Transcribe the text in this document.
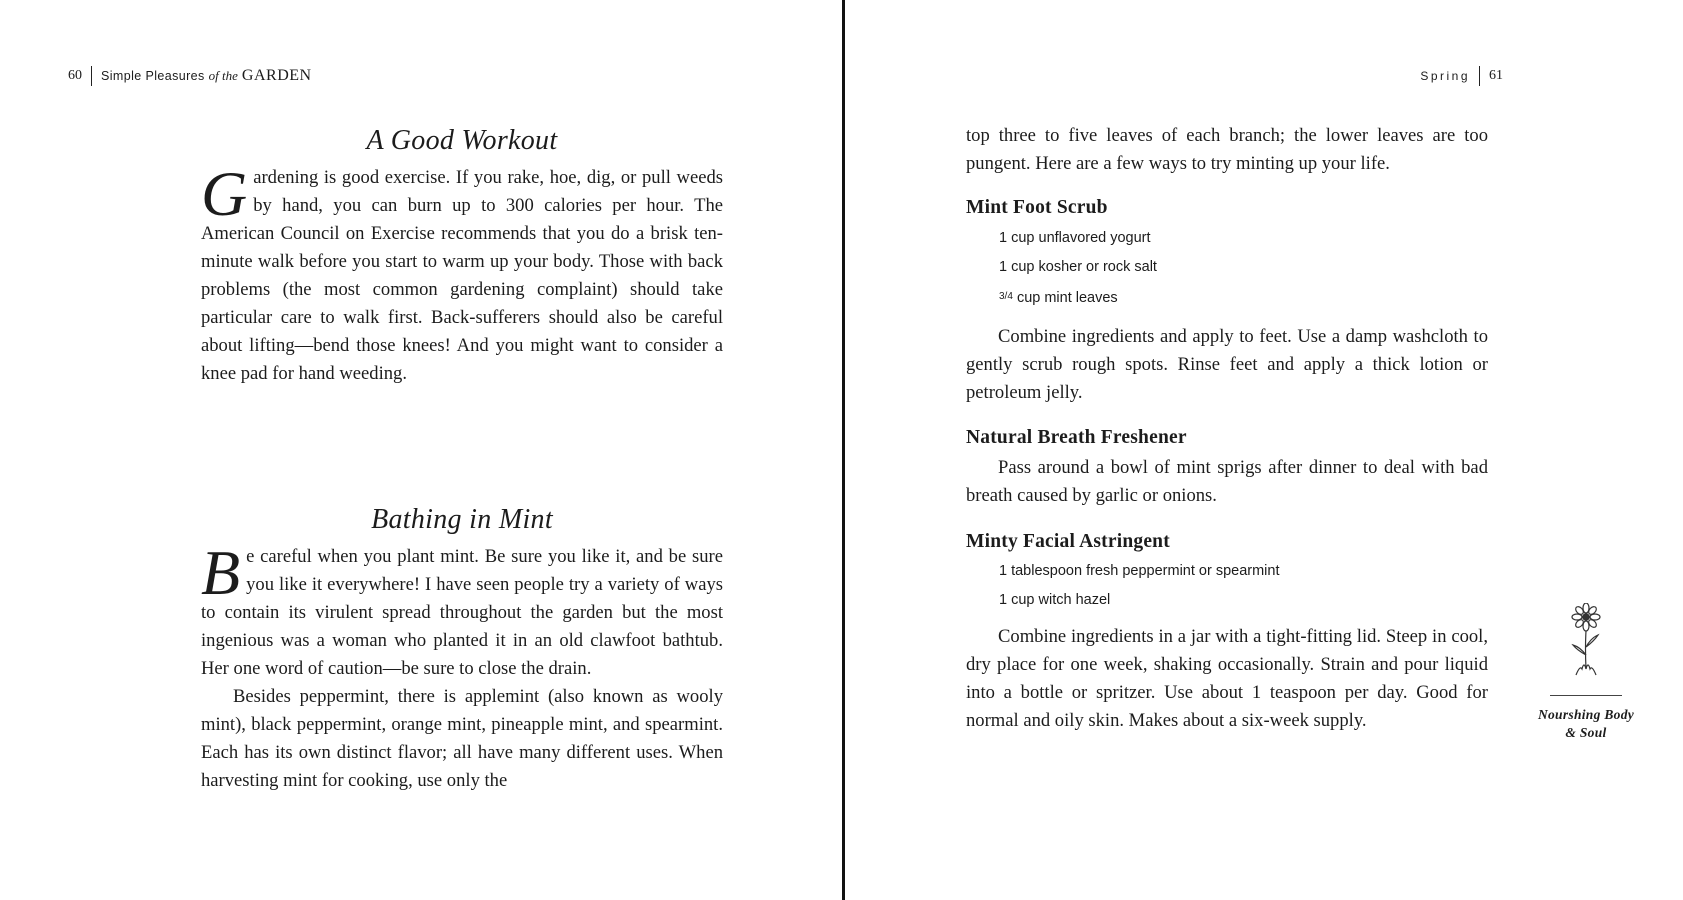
60 Simple Pleasures of the GARDEN
A Good Workout

Gardening is good exercise. If you rake, hoe, dig, or pull weeds by hand, you can burn up to 300 calories per hour. The American Council on Exercise recommends that you do a brisk ten-minute walk before you start to warm up your body. Those with back problems (the most common gardening complaint) should take particular care to walk first. Back-sufferers should also be careful about lifting—bend those knees! And you might want to consider a knee pad for hand weeding.

Bathing in Mint

Be careful when you plant mint. Be sure you like it, and be sure you like it everywhere! I have seen people try a variety of ways to contain its virulent spread throughout the garden but the most ingenious was a woman who planted it in an old clawfoot bathtub. Her one word of caution—be sure to close the drain.

Besides peppermint, there is applemint (also known as wooly mint), black peppermint, orange mint, pineapple mint, and spearmint. Each has its own distinct flavor; all have many different uses. When harvesting mint for cooking, use only the

Spring 61

top three to five leaves of each branch; the lower leaves are too pungent. Here are a few ways to try minting up your life.

Mint Foot Scrub

1 cup unflavored yogurt

1 cup kosher or rock salt

$^{3/4}$ cup mint leaves

Combine ingredients and apply to feet. Use a damp washcloth to gently scrub rough spots. Rinse feet and apply a thick lotion or petroleum jelly.

Natural Breath Freshener

Pass around a bowl of mint sprigs after dinner to deal with bad breath caused by garlic or onions.

Minty Facial Astringent

1 tablespoon fresh peppermint or spearmint

1 cup witch hazel

Combine ingredients in a jar with a tight-fitting lid. Steep in cool, dry place for one week, shaking occasionally. Strain and pour liquid into a bottle or spritzer. Use about 1 teaspoon per day. Good for normal and oily skin. Makes about a six-week supply.	Nourshing Body
& Soul
